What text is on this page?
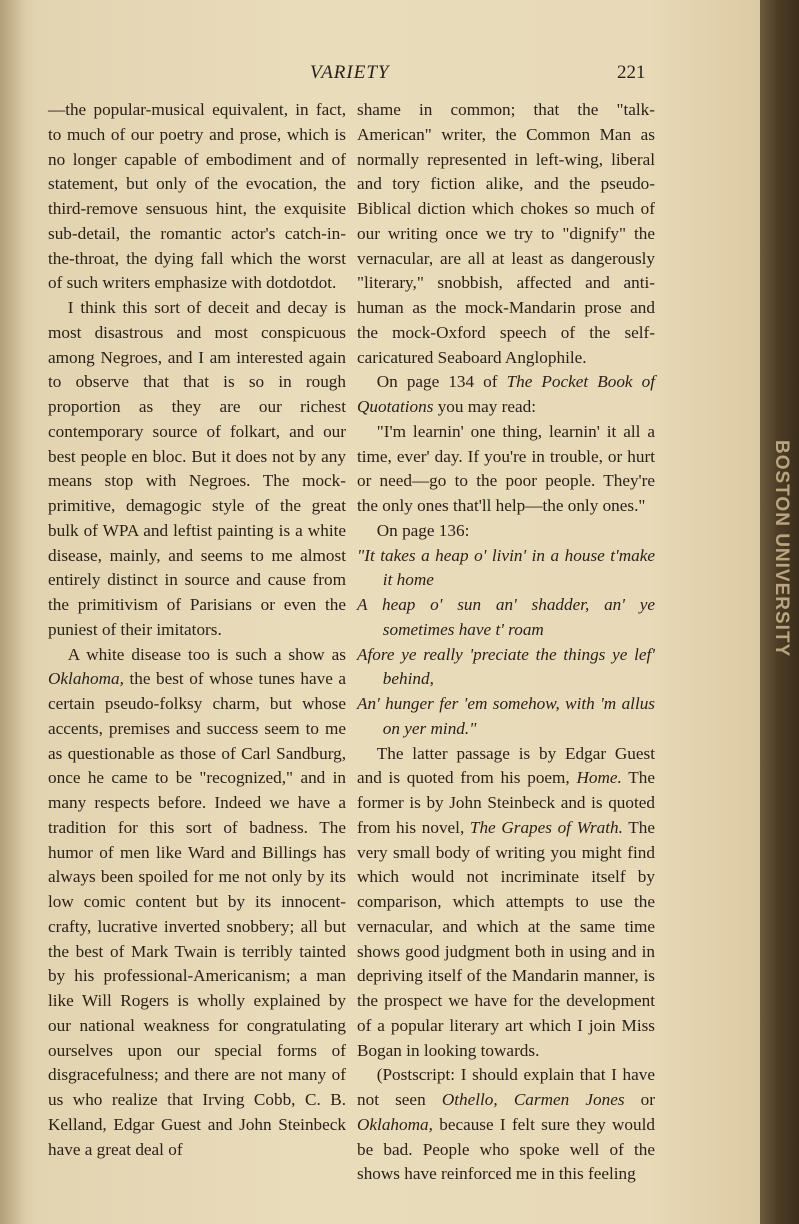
VARIETY	221

—the popular-musical equivalent, in fact, to much of our poetry and prose, which is no longer capable of embodiment and of statement, but only of the evocation, the third-remove sensuous hint, the exquisite sub-detail, the romantic actor's catch-in-the-throat, the dying fall which the worst of such writers emphasize with dotdotdot.

I think this sort of deceit and decay is most disastrous and most conspicuous among Negroes, and I am interested again to observe that that is so in rough proportion as they are our richest contemporary source of folkart, and our best people en bloc. But it does not by any means stop with Negroes. The mock-primitive, demagogic style of the great bulk of WPA and leftist painting is a white disease, mainly, and seems to me almost entirely distinct in source and cause from the primitivism of Parisians or even the puniest of their imitators.

A white disease too is such a show as Oklahoma, the best of whose tunes have a certain pseudo-folksy charm, but whose accents, premises and success seem to me as questionable as those of Carl Sandburg, once he came to be "recognized," and in many respects before. Indeed we have a tradition for this sort of badness. The humor of men like Ward and Billings has always been spoiled for me not only by its low comic content but by its innocent-crafty, lucrative inverted snobbery; all but the best of Mark Twain is terribly tainted by his professional-Americanism; a man like Will Rogers is wholly explained by our national weakness for congratulating ourselves upon our special forms of disgracefulness; and there are not many of us who realize that Irving Cobb, C. B. Kelland, Edgar Guest and John Steinbeck have a great deal of

shame in common; that the "talk-American" writer, the Common Man as normally represented in left-wing, liberal and tory fiction alike, and the pseudo-Biblical diction which chokes so much of our writing once we try to "dignify" the vernacular, are all at least as dangerously "literary," snobbish, affected and anti-human as the mock-Mandarin prose and the mock-Oxford speech of the self-caricatured Seaboard Anglophile.

On page 134 of The Pocket Book of Quotations you may read:

"I'm learnin' one thing, learnin' it all a time, ever' day. If you're in trouble, or hurt or need—go to the poor people. They're the only ones that'll help—the only ones."

On page 136:

"It takes a heap o' livin' in a house t'make it home

A heap o' sun an' shadder, an' ye sometimes have t' roam

Afore ye really 'preciate the things ye lef' behind,

An' hunger fer 'em somehow, with 'm allus on yer mind."

The latter passage is by Edgar Guest and is quoted from his poem, Home. The former is by John Steinbeck and is quoted from his novel, The Grapes of Wrath. The very small body of writing you might find which would not incriminate itself by comparison, which attempts to use the vernacular, and which at the same time shows good judgment both in using and in depriving itself of the Mandarin manner, is the prospect we have for the development of a popular literary art which I join Miss Bogan in looking towards.

(Postscript: I should explain that I have not seen Othello, Carmen Jones or Oklahoma, because I felt sure they would be bad. People who spoke well of the shows have reinforced me in this feeling

BOSTON UNIVERSITY
